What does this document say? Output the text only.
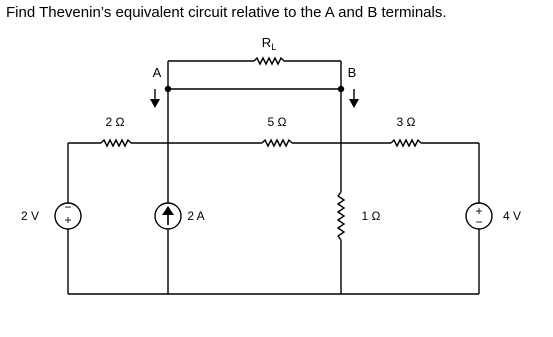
Find Thevenin’s equivalent circuit relative to the A and B terminals.
−
+
+
−
$R_L$
A	B
2 Ω	5 Ω	3 Ω
1 Ω
2 V	4 V
2 A
